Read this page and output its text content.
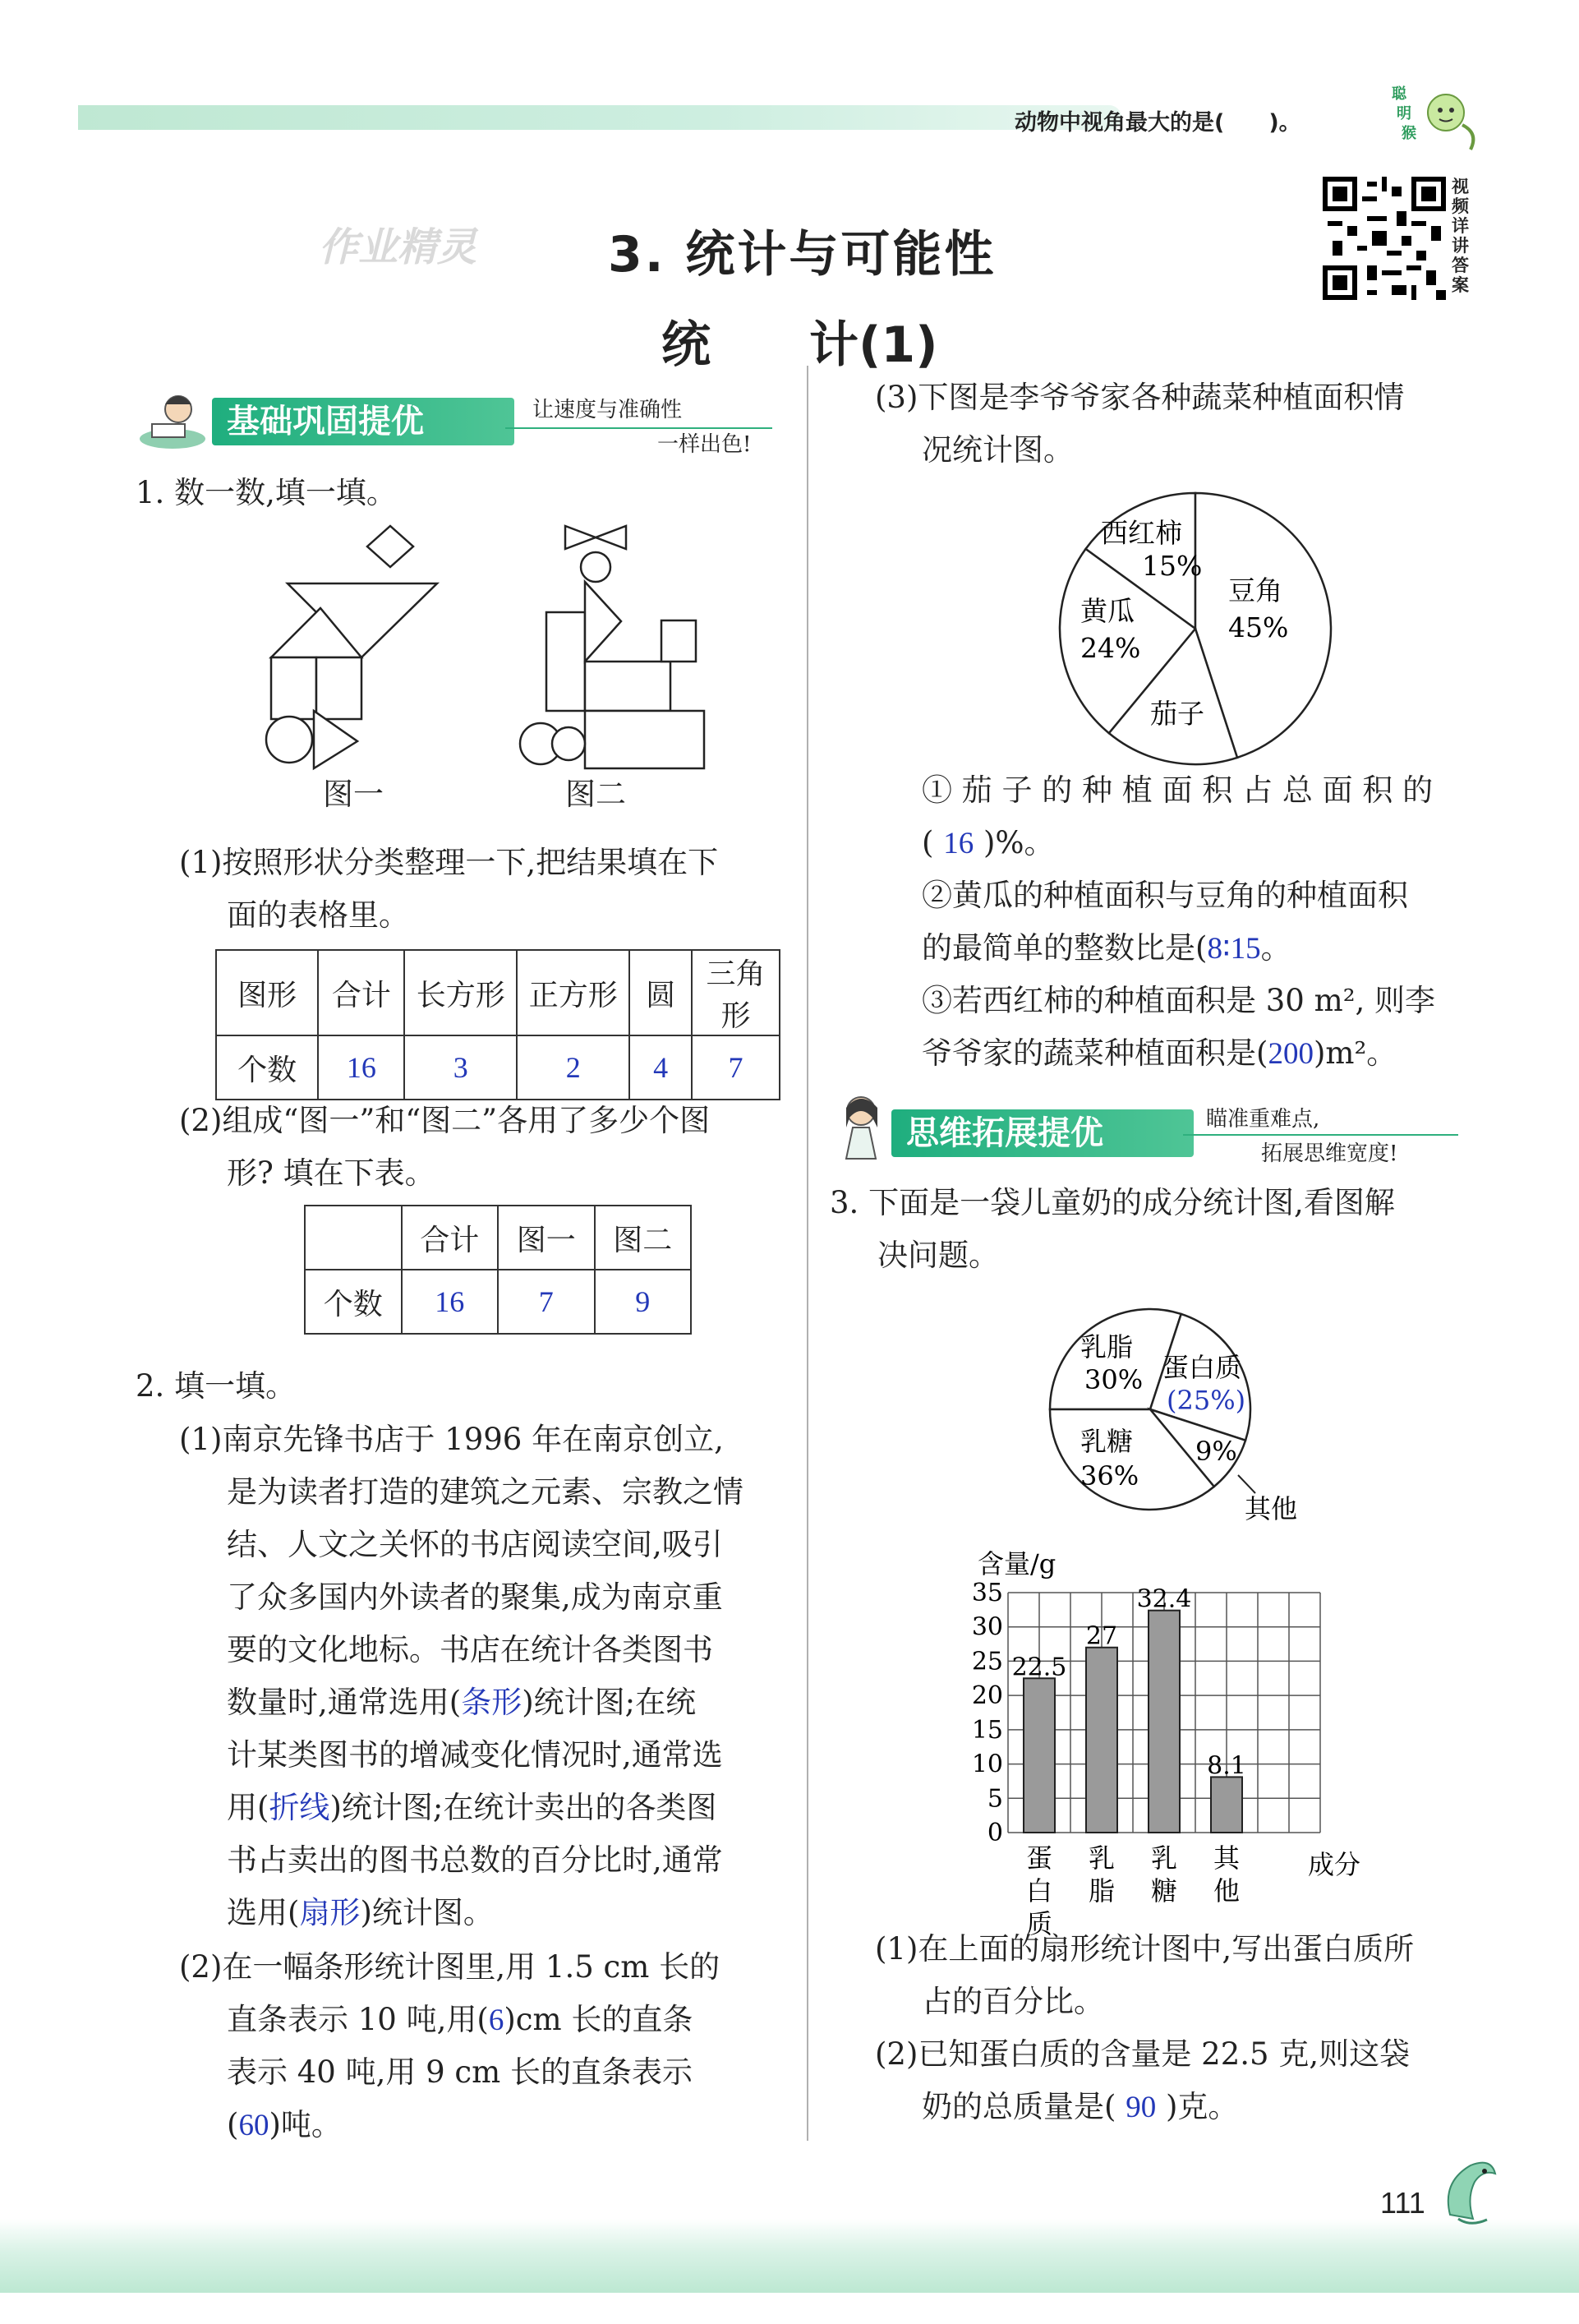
动物中视角最大的是(　　)。
聪
明
猴
视
频
详
讲
答
案
作业精灵	3. 统计与可能性
统 计(1)
基础巩固提优	让速度与准确性
一样出色!
1. 数一数,填一填。
图一	图二
(1)按照形状分类整理一下,把结果填在下
面的表格里。
图形	合计	长方形	正方形	圆	三角形
个数	16	3	2	4	7
(2)组成“图一”和“图二”各用了多少个图
形? 填在下表。
	合计	图一	图二
个数	16	7	9
2. 填一填。
(1)南京先锋书店于 1996 年在南京创立,
是为读者打造的建筑之元素、宗教之情
结、人文之关怀的书店阅读空间,吸引
了众多国内外读者的聚集,成为南京重
要的文化地标。书店在统计各类图书
数量时,通常选用(条形)统计图;在统
计某类图书的增减变化情况时,通常选
用(折线)统计图;在统计卖出的各类图
书占卖出的图书总数的百分比时,通常
选用(扇形)统计图。
(2)在一幅条形统计图里,用 1.5 cm 长的
直条表示 10 吨,用(6)cm 长的直条
表示 40 吨,用 9 cm 长的直条表示
(60)吨。
(3)下图是李爷爷家各种蔬菜种植面积情
况统计图。
西红柿
15%
豆角
45%
茄子
黄瓜
24%
① 茄 子 的 种 植 面 积 占 总 面 积 的
( 16 )%。
②黄瓜的种植面积与豆角的种植面积
的最简单的整数比是(8∶15。
③若西红柿的种植面积是 30 m², 则李
爷爷家的蔬菜种植面积是(200)m²。
思维拓展提优	瞄准重难点,
拓展思维宽度!
3. 下面是一袋儿童奶的成分统计图,看图解
决问题。
乳脂
30% 蛋白质
(25%)
9%
乳糖
36%
其他
含量/g
0
5
10
15
20
25
30
35
22.5
蛋
白
质
27
乳
脂
32.4
乳
糖
8.1
其
他
成分
(1)在上面的扇形统计图中,写出蛋白质所
占的百分比。
(2)已知蛋白质的含量是 22.5 克,则这袋
奶的总质量是( 90 )克。
111
